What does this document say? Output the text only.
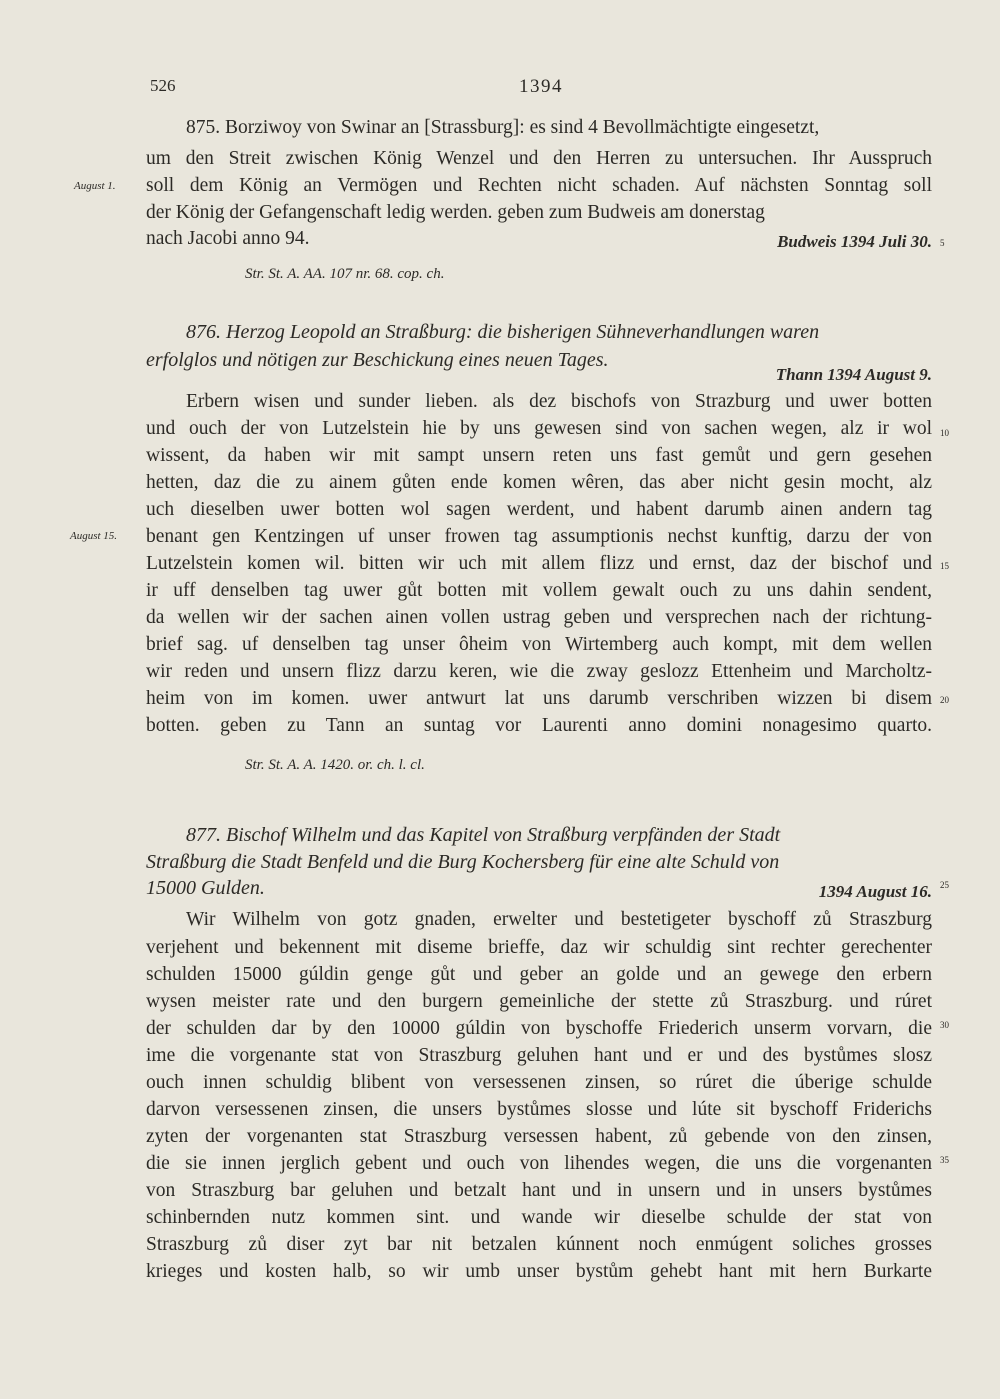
526	1394
875. Borziwoy von Swinar an [Strassburg]: es sind 4 Bevollmächtigte eingesetzt,
um den Streit zwischen König Wenzel und den Herren zu untersuchen. Ihr Ausspruch
soll dem König an Vermögen und Rechten nicht schaden. Auf nächsten Sonntag soll
der König der Gefangenschaft ledig werden. geben zum Budweis am donerstag
nach Jacobi anno 94.	Budweis 1394 Juli 30.
August 1.
5
Str. St. A. AA. 107 nr. 68. cop. ch.
876. Herzog Leopold an Straßburg: die bisherigen Sühneverhandlungen waren
erfolglos und nötigen zur Beschickung eines neuen Tages.
Thann 1394 August 9.
Erbern wisen und sunder lieben. als dez bischofs von Strazburg und uwer botten
und ouch der von Lutzelstein hie by uns gewesen sind von sachen wegen, alz ir wol
wissent, da haben wir mit sampt unsern reten uns fast gemůt und gern gesehen
hetten, daz die zu ainem gůten ende komen wêren, das aber nicht gesin mocht, alz
uch dieselben uwer botten wol sagen werdent, und habent darumb ainen andern tag
benant gen Kentzingen uf unser frowen tag assumptionis nechst kunftig, darzu der von
Lutzelstein komen wil. bitten wir uch mit allem flizz und ernst, daz der bischof und
ir uff denselben tag uwer gůt botten mit vollem gewalt ouch zu uns dahin sendent,
da wellen wir der sachen ainen vollen ustrag geben und versprechen nach der richtung-
brief sag. uf denselben tag unser ôheim von Wirtemberg auch kompt, mit dem wellen
wir reden und unsern flizz darzu keren, wie die zway geslozz Ettenheim und Marcholtz-
heim von im komen. uwer antwurt lat uns darumb verschriben wizzen bi disem
botten. geben zu Tann an suntag vor Laurenti anno domini nonagesimo quarto.
August 15.
10
15
20
Str. St. A. A. 1420. or. ch. l. cl.
877. Bischof Wilhelm und das Kapitel von Straßburg verpfänden der Stadt
Straßburg die Stadt Benfeld und die Burg Kochersberg für eine alte Schuld von
15000 Gulden.	1394 August 16.
Wir Wilhelm von gotz gnaden, erwelter und bestetigeter byschoff zů Straszburg
verjehent und bekennent mit diseme brieffe, daz wir schuldig sint rechter gerechenter
schulden 15000 gúldin genge gůt und geber an golde und an gewege den erbern
wysen meister rate und den burgern gemeinliche der stette zů Straszburg. und rúret
der schulden dar by den 10000 gúldin von byschoffe Friederich unserm vorvarn, die
ime die vorgenante stat von Straszburg geluhen hant und er und des bystůmes slosz
ouch innen schuldig blibent von versessenen zinsen, so rúret die úberige schulde
darvon versessenen zinsen, die unsers bystůmes slosse und lúte sit byschoff Friderichs
zyten der vorgenanten stat Straszburg versessen habent, zů gebende von den zinsen,
die sie innen jerglich gebent und ouch von lihendes wegen, die uns die vorgenanten
von Straszburg bar geluhen und betzalt hant und in unsern und in unsers bystůmes
schinbernden nutz kommen sint. und wande wir dieselbe schulde der stat von
Straszburg zů diser zyt bar nit betzalen kúnnent noch enmúgent soliches grosses
krieges und kosten halb, so wir umb unser bystům gehebt hant mit hern Burkarte
25
30
35
